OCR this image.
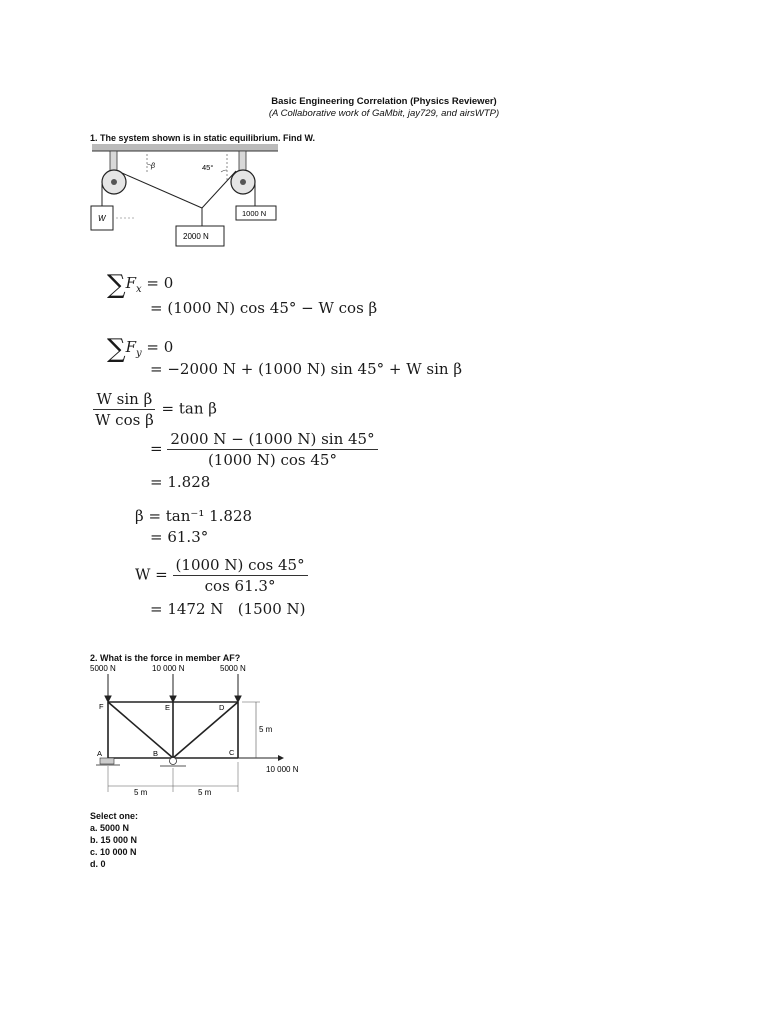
Basic Engineering Correlation (Physics Reviewer)
(A Collaborative work of GaMbit, jay729, and airsWTP)
1. The system shown is in static equilibrium. Find W.
β	45°
W
2000 N
1000 N
$\sum F_x = 0$
= (1000 N) cos 45° − W cos β
$\sum F_y = 0$
= −2000 N + (1000 N) sin 45° + W sin β
$\frac{\text{W sin β}}{\text{W cos β}} = \tan \beta$
= $\frac{2000 N - (1000 N) \sin 45^\circ}{(1000 N) \cos 45^\circ}$
= 1.828
β = tan⁻¹ 1.828
= 61.3°
$W = \frac{(1000 N) \cos 45^\circ}{\cos 61.3^\circ}$
= 1472 N   (1500 N)
2. What is the force in member AF?
5000 N	10 000 N	5000 N
F	E	D
A	B	C
10 000 N
5 m
5 m	5 m
Select one:
a. 5000 N
b. 15 000 N
c. 10 000 N
d. 0
